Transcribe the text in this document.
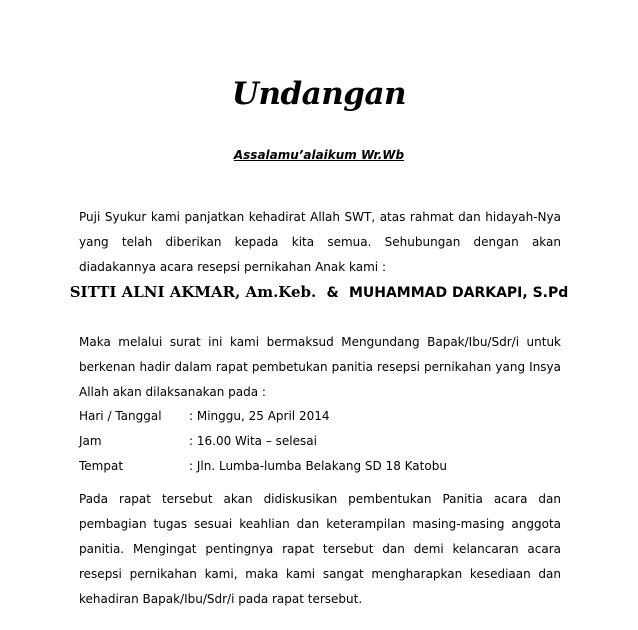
Undangan
Assalamu’alaikum Wr.Wb
Puji Syukur kami panjatkan kehadirat Allah SWT, atas rahmat dan hidayah-Nya yang telah diberikan kepada kita semua. Sehubungan dengan akan diadakannya acara resepsi pernikahan Anak kami :
SITTI ALNI AKMAR, Am.Keb. & MUHAMMAD DARKAPI, S.Pd
Maka melalui surat ini kami bermaksud Mengundang Bapak/Ibu/Sdr/i untuk berkenan hadir dalam rapat pembetukan panitia resepsi pernikahan yang Insya Allah akan dilaksanakan pada :
Hari / Tanggal : Minggu, 25 April 2014
Jam	: 16.00 Wita – selesai
Tempat	: Jln. Lumba-lumba Belakang SD 18 Katobu
Pada rapat tersebut akan didiskusikan pembentukan Panitia acara dan pembagian tugas sesuai keahlian dan keterampilan masing-masing anggota panitia. Mengingat pentingnya rapat tersebut dan demi kelancaran acara resepsi pernikahan kami, maka kami sangat mengharapkan kesediaan dan kehadiran Bapak/Ibu/Sdr/i pada rapat tersebut.
